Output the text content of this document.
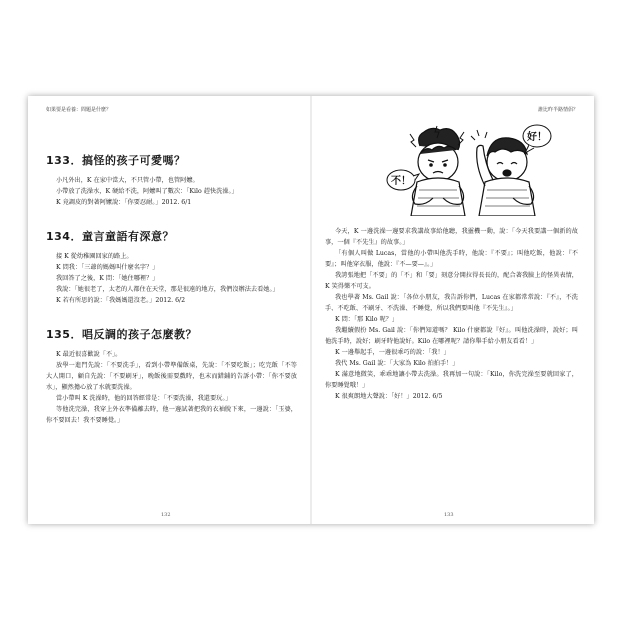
如果要是看養：問題是什麼？
133．搞怪的孩子可愛嗎？

小凡外出，K 在家中當大，不只管小帶，也管阿嬤。

小帶放了洗澡水，K 硬給不洗，阿嬤叫了數次：「Kilo 趕快洗澡。」

K 竟調皮的對著阿嬤說：「你要忍耐。」2012. 6/1

134．童言童語有深意？

接 K 從幼稚園回家的路上。

K 問我：「三爺的媽媽叫什麼名字？」

我回答了之後，K 問：「她住哪裡？」

我說：「她很老了，太老的人都住在天堂，那是很遠的地方，我們沒辦法去看她。」

K 若有所思的說：「我媽媽還沒老。」2012. 6/2

135．唱反調的孩子怎麼教？

K 最近很喜歡說「不」。

放學一進門先說：「不要洗手」，看到小帶準備飯桌，先說：「不要吃飯」；吃完飯「不等大人開口，顧自先說：「不要刷牙」，晚飯後需要戲時，也末而錯鋪的告訴小帶：「你不要放水」，顯然擔心放了水就要洗澡。

當小帶叫 K 洗澡時，他的回答經常是：「不要洗澡，我還要玩。」

等他洗完澡，我穿上外衣準備離去時，他一邊試著把我的衣袖脫下來，一邊說：「玉婆，你不要回去！我不要睡覺。」

132
誰比昨半路情侶？
不！
好！

今天，K 一邊洗澡一邊要求我講故事給他聽，我靈機一動，說：「今天我要講一個新的故事，一個『不先生』的故事。」

「有個人叫做 Lucas，當他的小帶叫他洗手時，他說：『不要』；叫他吃飯，他說：『不要』；叫他穿衣服，他說：『不—要—』。」

我誇張地把「不要」的「不」和「要」刻意分開拉得長長的，配合著我臉上的怪異表情，K 笑得樂不可支。

我也學著 Ms. Gail 說：「各位小朋友，我告訴你們，Lucas 在家都常常說：『不』，不洗手、不吃飯、不刷牙、不洗澡、不睡覺，所以我們要叫他『不先生』。」

K 問：「那 Kilo 呢？」

我繼續假扮 Ms. Gail 說：「你們知道嗎？ Kilo 什麼都說『好』。叫他洗澡時，說好；叫他洗手時，說好；刷牙時他說好。Kilo 在哪裡呢？請你舉手給小朋友看看！」

K 一邊舉起手，一邊很乖巧的說：「我！」

我代 Ms. Gail 說：「大家為 Kilo 拍拍手！」

K 滿意地微笑，乖乖地讓小帶去洗澡。我再加一句說：「Kilo，你洗完澡至要就回家了，你要睡覺哦！」

K 很爽朗地大聲說：「好！」2012. 6/5

133
